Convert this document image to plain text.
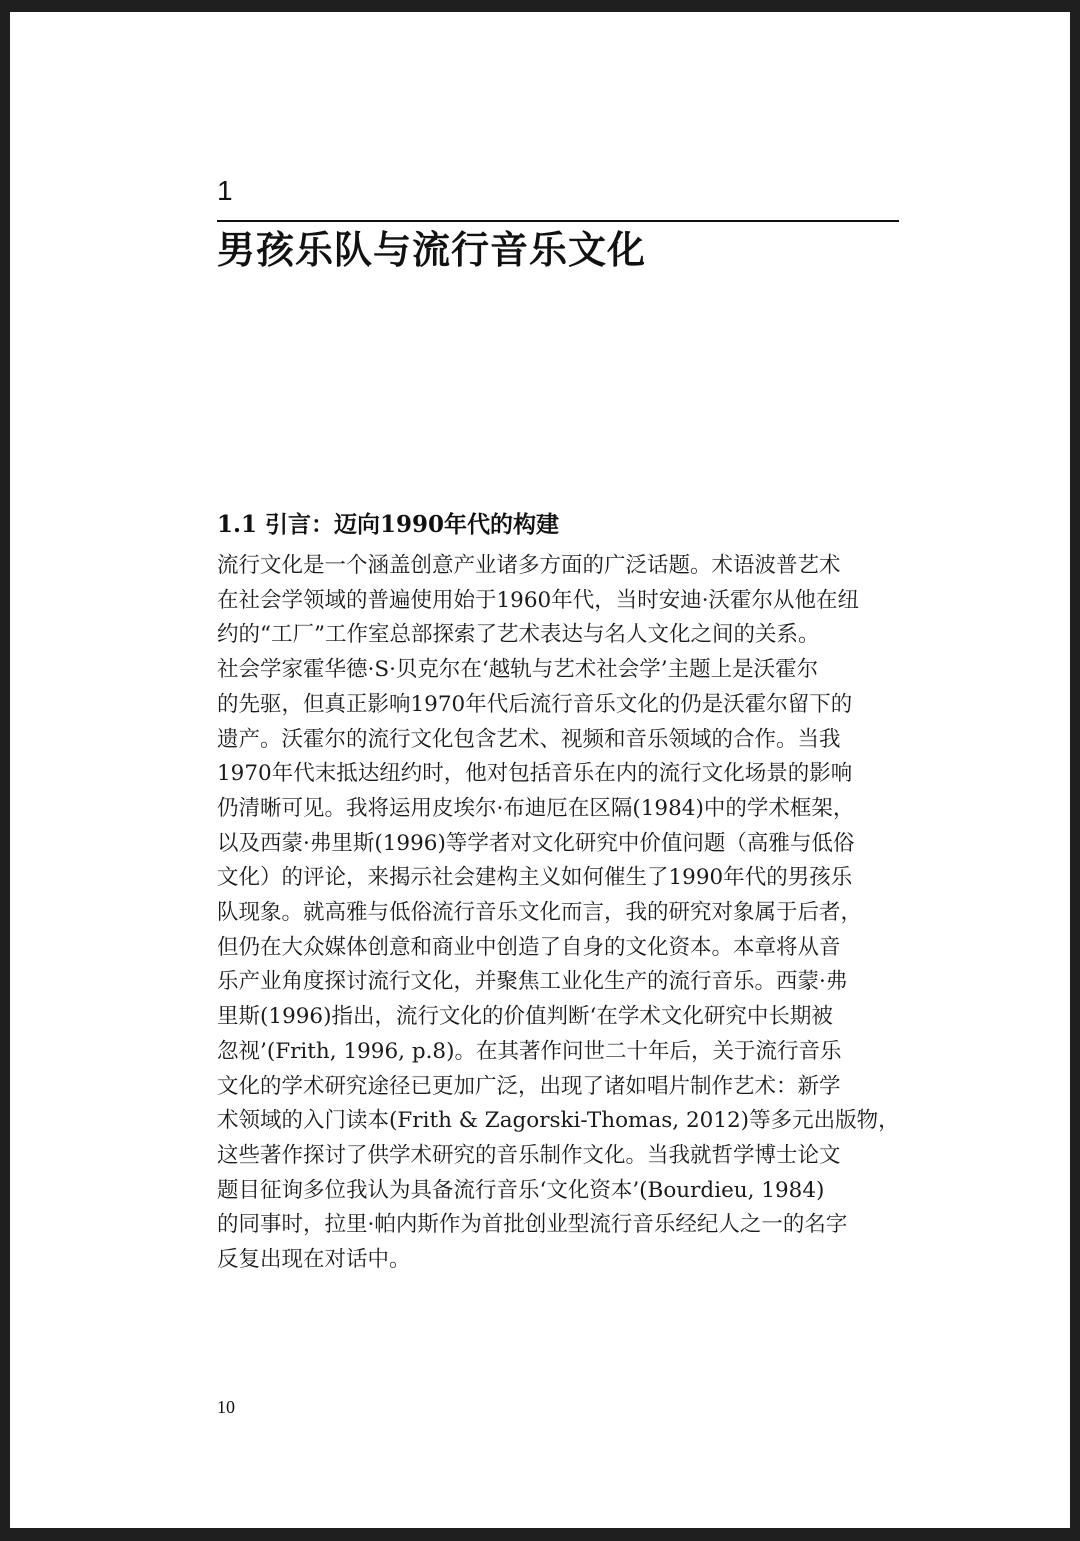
1
男孩乐队与流行音乐文化
1.1 引言：迈向1990年代的构建

流行文化是一个涵盖创意产业诸多方面的广泛话题。术语波普艺术
在社会学领域的普遍使用始于1960年代，当时安迪·沃霍尔从他在纽
约的“工厂”工作室总部探索了艺术表达与名人文化之间的关系。
社会学家霍华德·S·贝克尔在‘越轨与艺术社会学’主题上是沃霍尔
的先驱，但真正影响1970年代后流行音乐文化的仍是沃霍尔留下的
遗产。沃霍尔的流行文化包含艺术、视频和音乐领域的合作。当我
1970年代末抵达纽约时，他对包括音乐在内的流行文化场景的影响
仍清晰可见。我将运用皮埃尔·布迪厄在区隔(1984)中的学术框架，
以及西蒙·弗里斯(1996)等学者对文化研究中价值问题（高雅与低俗
文化）的评论，来揭示社会建构主义如何催生了1990年代的男孩乐
队现象。就高雅与低俗流行音乐文化而言，我的研究对象属于后者，
但仍在大众媒体创意和商业中创造了自身的文化资本。本章将从音
乐产业角度探讨流行文化，并聚焦工业化生产的流行音乐。西蒙·弗
里斯(1996)指出，流行文化的价值判断‘在学术文化研究中长期被
忽视’(Frith, 1996, p.8)。在其著作问世二十年后，关于流行音乐
文化的学术研究途径已更加广泛，出现了诸如唱片制作艺术：新学
术领域的入门读本(Frith & Zagorski-Thomas, 2012)等多元出版物，
这些著作探讨了供学术研究的音乐制作文化。当我就哲学博士论文
题目征询多位我认为具备流行音乐‘文化资本’(Bourdieu, 1984)
的同事时，拉里·帕内斯作为首批创业型流行音乐经纪人之一的名字
反复出现在对话中。

10
